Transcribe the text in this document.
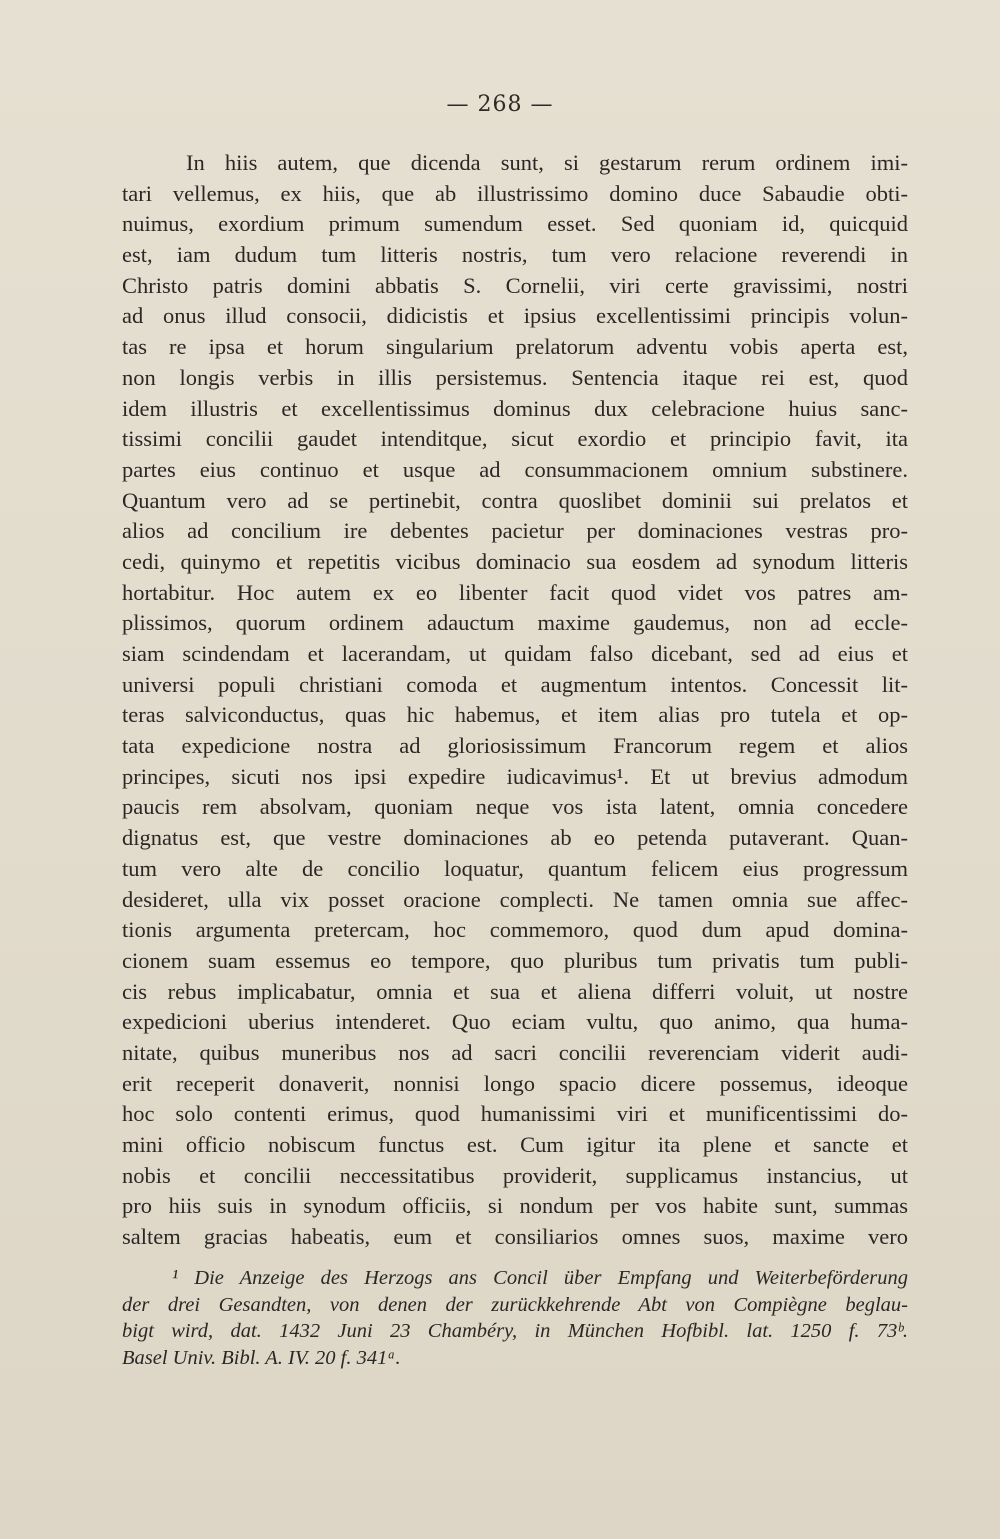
— 268 —
In hiis autem, que dicenda sunt, si gestarum rerum ordinem imi-
tari vellemus, ex hiis, que ab illustrissimo domino duce Sabaudie obti-
nuimus, exordium primum sumendum esset. Sed quoniam id, quicquid
est, iam dudum tum litteris nostris, tum vero relacione reverendi in
Christo patris domini abbatis S. Cornelii, viri certe gravissimi, nostri
ad onus illud consocii, didicistis et ipsius excellentissimi principis volun-
tas re ipsa et horum singularium prelatorum adventu vobis aperta est,
non longis verbis in illis persistemus. Sentencia itaque rei est, quod
idem illustris et excellentissimus dominus dux celebracione huius sanc-
tissimi concilii gaudet intenditque, sicut exordio et principio favit, ita
partes eius continuo et usque ad consummacionem omnium substinere.
Quantum vero ad se pertinebit, contra quoslibet dominii sui prelatos et
alios ad concilium ire debentes pacietur per dominaciones vestras pro-
cedi, quinymo et repetitis vicibus dominacio sua eosdem ad synodum litteris
hortabitur. Hoc autem ex eo libenter facit quod videt vos patres am-
plissimos, quorum ordinem adauctum maxime gaudemus, non ad eccle-
siam scindendam et lacerandam, ut quidam falso dicebant, sed ad eius et
universi populi christiani comoda et augmentum intentos. Concessit lit-
teras salviconductus, quas hic habemus, et item alias pro tutela et op-
tata expedicione nostra ad gloriosissimum Francorum regem et alios
principes, sicuti nos ipsi expedire iudicavimus¹. Et ut brevius admodum
paucis rem absolvam, quoniam neque vos ista latent, omnia concedere
dignatus est, que vestre dominaciones ab eo petenda putaverant. Quan-
tum vero alte de concilio loquatur, quantum felicem eius progressum
desideret, ulla vix posset oracione complecti. Ne tamen omnia sue affec-
tionis argumenta pretercam, hoc commemoro, quod dum apud domina-
cionem suam essemus eo tempore, quo pluribus tum privatis tum publi-
cis rebus implicabatur, omnia et sua et aliena differri voluit, ut nostre
expedicioni uberius intenderet. Quo eciam vultu, quo animo, qua huma-
nitate, quibus muneribus nos ad sacri concilii reverenciam viderit audi-
erit receperit donaverit, nonnisi longo spacio dicere possemus, ideoque
hoc solo contenti erimus, quod humanissimi viri et munificentissimi do-
mini officio nobiscum functus est. Cum igitur ita plene et sancte et
nobis et concilii neccessitatibus providerit, supplicamus instancius, ut
pro hiis suis in synodum officiis, si nondum per vos habite sunt, summas
saltem gracias habeatis, eum et consiliarios omnes suos, maxime vero
¹ Die Anzeige des Herzogs ans Concil über Empfang und Weiterbeförderung
der drei Gesandten, von denen der zurückkehrende Abt von Compiègne beglau-
bigt wird, dat. 1432 Juni 23 Chambéry, in München Hofbibl. lat. 1250 f. 73ᵇ.
Basel Univ. Bibl. A. IV. 20 f. 341ᵃ.
